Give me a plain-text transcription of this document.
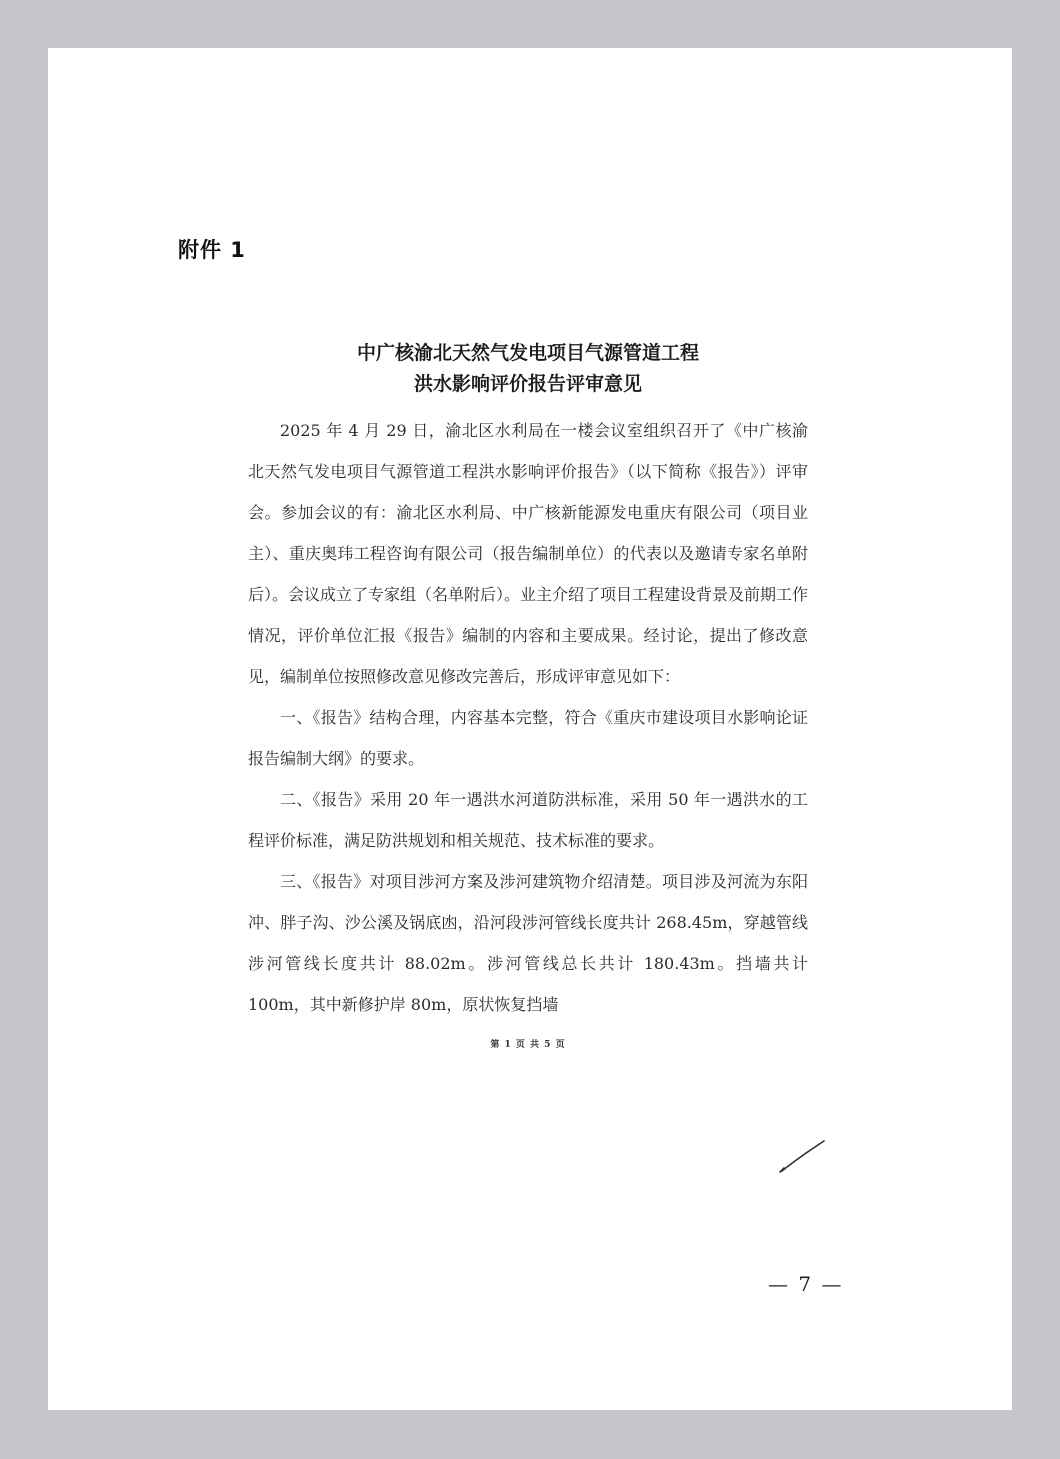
附件 1
中广核渝北天然气发电项目气源管道工程
洪水影响评价报告评审意见

2025 年 4 月 29 日，渝北区水利局在一楼会议室组织召开了《中广核渝北天然气发电项目气源管道工程洪水影响评价报告》（以下简称《报告》）评审会。参加会议的有：渝北区水利局、中广核新能源发电重庆有限公司（项目业主）、重庆奥玮工程咨询有限公司（报告编制单位）的代表以及邀请专家名单附后）。会议成立了专家组（名单附后）。业主介绍了项目工程建设背景及前期工作情况，评价单位汇报《报告》编制的内容和主要成果。经讨论，提出了修改意见，编制单位按照修改意见修改完善后，形成评审意见如下：

一、《报告》结构合理，内容基本完整，符合《重庆市建设项目水影响论证报告编制大纲》的要求。

二、《报告》采用 20 年一遇洪水河道防洪标准，采用 50 年一遇洪水的工程评价标准，满足防洪规划和相关规范、技术标准的要求。

三、《报告》对项目涉河方案及涉河建筑物介绍清楚。项目涉及河流为东阳冲、胖子沟、沙公溪及锅底凼，沿河段涉河管线长度共计 268.45m，穿越管线涉河管线长度共计 88.02m。涉河管线总长共计 180.43m。挡墙共计 100m，其中新修护岸 80m，原状恢复挡墙

第 1 页 共 5 页
— 7 —
